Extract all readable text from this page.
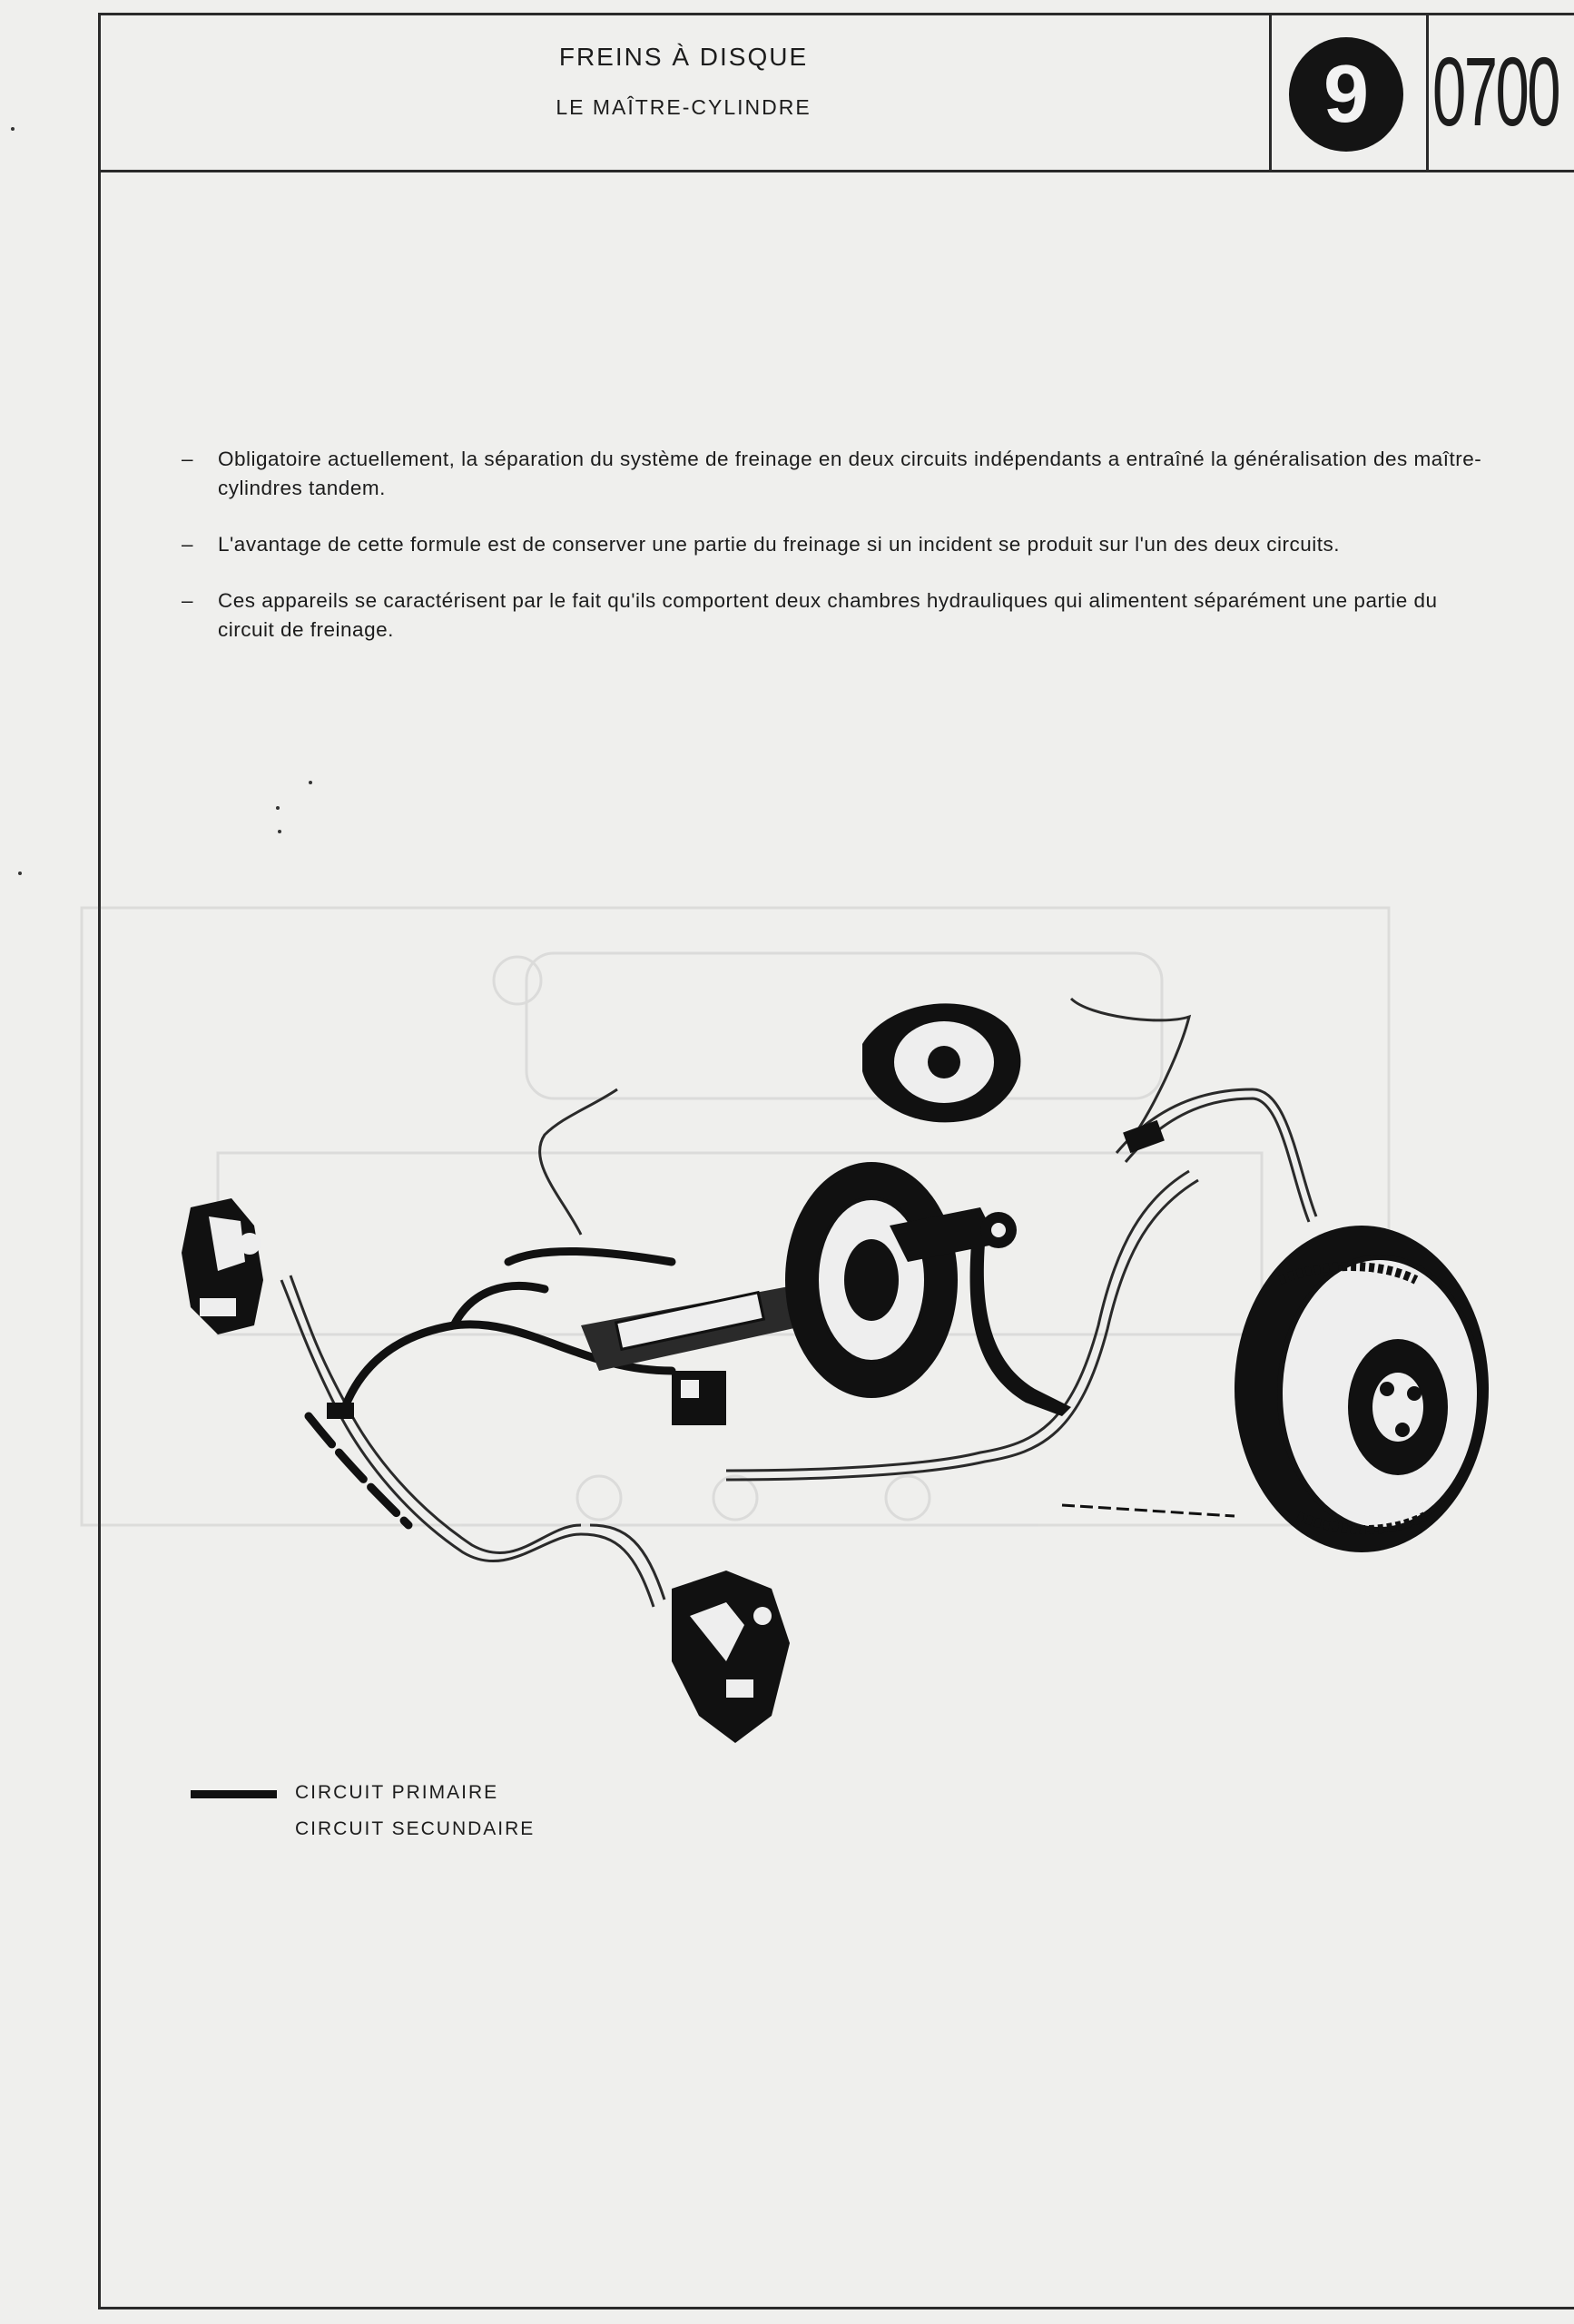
FREINS À DISQUE
LE MAÎTRE-CYLINDRE	9 0700
– Obligatoire actuellement, la séparation du système de freinage en deux circuits indépendants a entraîné la généralisation des maître-cylindres tandem.
– L'avantage de cette formule est de conserver une partie du freinage si un incident se produit sur l'un des deux circuits.
– Ces appareils se caractérisent par le fait qu'ils comportent deux chambres hydrauliques qui alimentent séparément une partie du circuit de freinage.
CIRCUIT PRIMAIRE
CIRCUIT SECUNDAIRE
